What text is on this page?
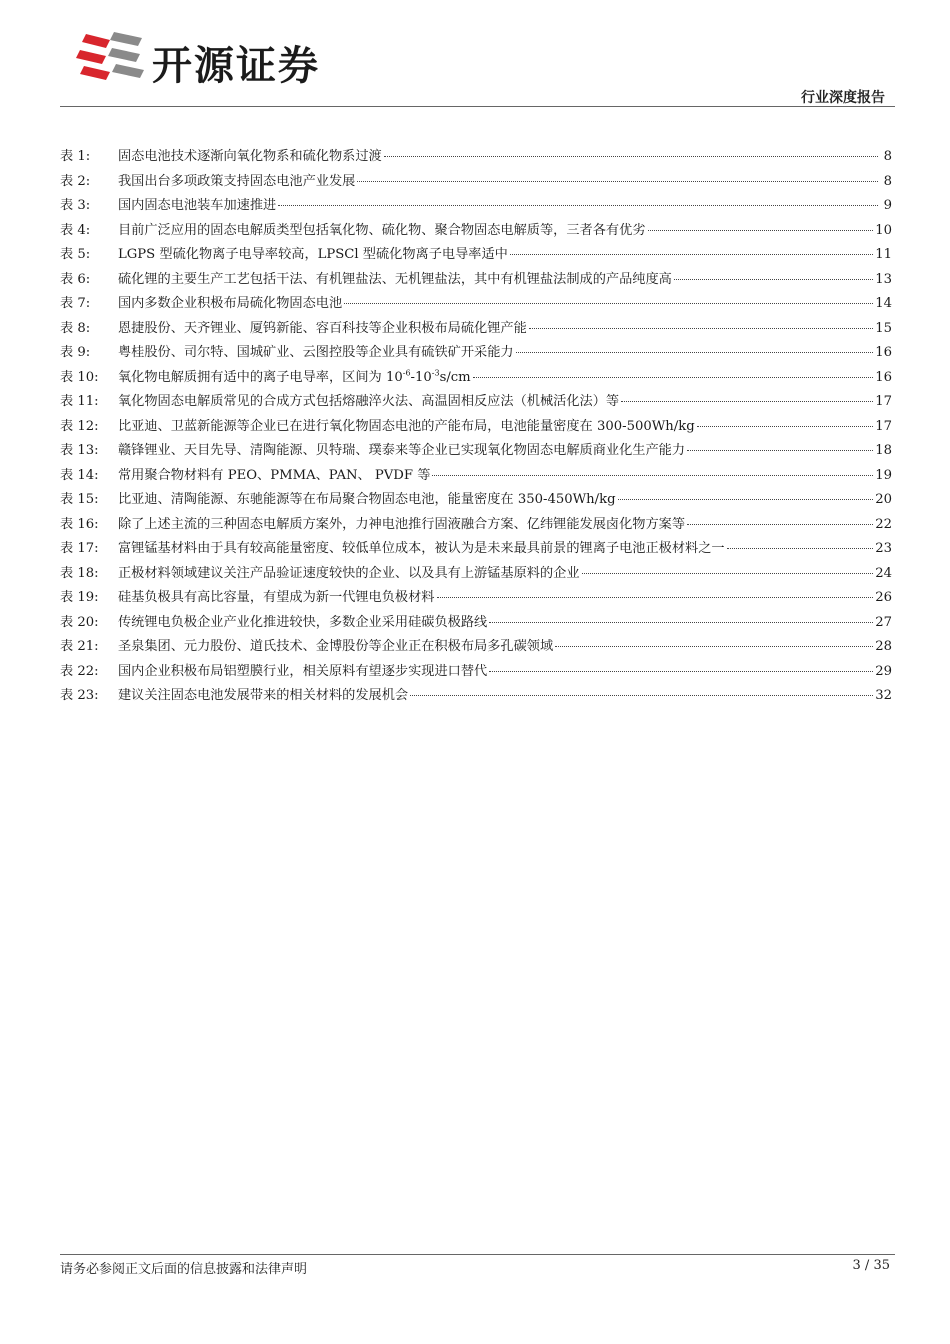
开源证券
行业深度报告
表 1:	固态电池技术逐渐向氧化物系和硫化物系过渡	8
表 2:	我国出台多项政策支持固态电池产业发展	8
表 3:	国内固态电池装车加速推进	9
表 4:	目前广泛应用的固态电解质类型包括氧化物、硫化物、聚合物固态电解质等，三者各有优劣	10
表 5:	LGPS 型硫化物离子电导率较高，LPSCl 型硫化物离子电导率适中	11
表 6:	硫化锂的主要生产工艺包括干法、有机锂盐法、无机锂盐法，其中有机锂盐法制成的产品纯度高	13
表 7:	国内多数企业积极布局硫化物固态电池	14
表 8:	恩捷股份、天齐锂业、厦钨新能、容百科技等企业积极布局硫化锂产能	15
表 9:	粤桂股份、司尔特、国城矿业、云图控股等企业具有硫铁矿开采能力	16
表 10:	氧化物电解质拥有适中的离子电导率，区间为 $10^{-6}-10^{-3}s/cm$	16
表 11:	氧化物固态电解质常见的合成方式包括熔融淬火法、高温固相反应法（机械活化法）等	17
表 12:	比亚迪、卫蓝新能源等企业已在进行氧化物固态电池的产能布局，电池能量密度在 300-500Wh/kg	17
表 13:	赣锋锂业、天目先导、清陶能源、贝特瑞、璞泰来等企业已实现氧化物固态电解质商业化生产能力	18
表 14:	常用聚合物材料有 PEO、PMMA、PAN、 PVDF 等	19
表 15:	比亚迪、清陶能源、东驰能源等在布局聚合物固态电池，能量密度在 350-450Wh/kg	20
表 16:	除了上述主流的三种固态电解质方案外，力神电池推行固液融合方案、亿纬锂能发展卤化物方案等	22
表 17:	富锂锰基材料由于具有较高能量密度、较低单位成本，被认为是未来最具前景的锂离子电池正极材料之一	23
表 18:	正极材料领域建议关注产品验证速度较快的企业、以及具有上游锰基原料的企业	24
表 19:	硅基负极具有高比容量，有望成为新一代锂电负极材料	26
表 20:	传统锂电负极企业产业化推进较快，多数企业采用硅碳负极路线	27
表 21:	圣泉集团、元力股份、道氏技术、金博股份等企业正在积极布局多孔碳领域	28
表 22:	国内企业积极布局铝塑膜行业，相关原料有望逐步实现进口替代	29
表 23:	建议关注固态电池发展带来的相关材料的发展机会	32
请务必参阅正文后面的信息披露和法律声明	3 / 35
